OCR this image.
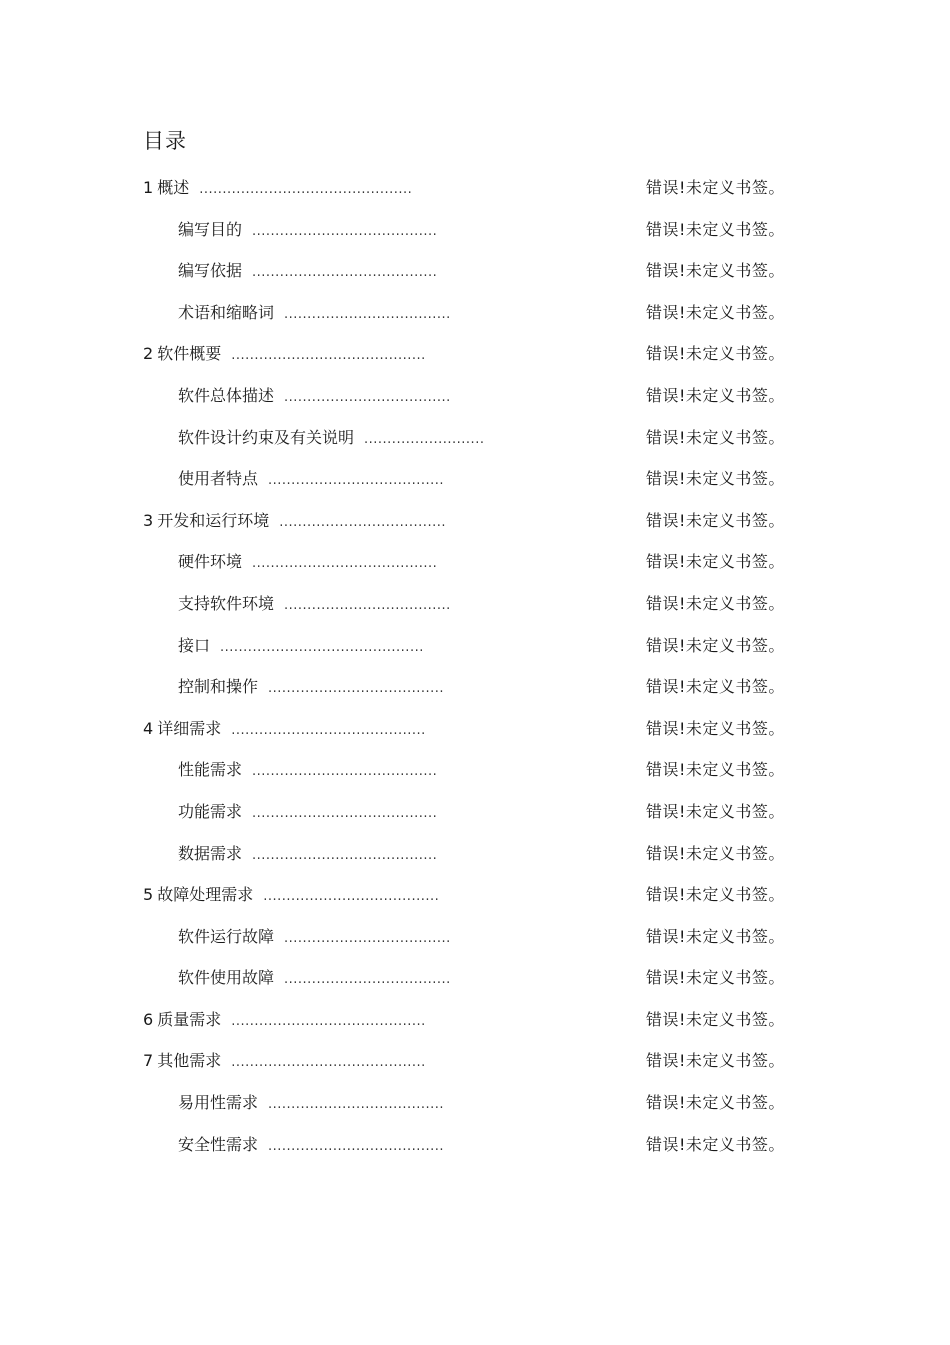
目录
1 概述 ..............................................	错误!未定义书签。
编写目的 ........................................	错误!未定义书签。
编写依据 ........................................	错误!未定义书签。
术语和缩略词 ....................................	错误!未定义书签。
2 软件概要 ..........................................	错误!未定义书签。
软件总体描述 ....................................	错误!未定义书签。
软件设计约束及有关说明 ..........................	错误!未定义书签。
使用者特点 ......................................	错误!未定义书签。
3 开发和运行环境 ....................................	错误!未定义书签。
硬件环境 ........................................	错误!未定义书签。
支持软件环境 ....................................	错误!未定义书签。
接口 ............................................	错误!未定义书签。
控制和操作 ......................................	错误!未定义书签。
4 详细需求 ..........................................	错误!未定义书签。
性能需求 ........................................	错误!未定义书签。
功能需求 ........................................	错误!未定义书签。
数据需求 ........................................	错误!未定义书签。
5 故障处理需求 ......................................	错误!未定义书签。
软件运行故障 ....................................	错误!未定义书签。
软件使用故障 ....................................	错误!未定义书签。
6 质量需求 ..........................................	错误!未定义书签。
7 其他需求 ..........................................	错误!未定义书签。
易用性需求 ......................................	错误!未定义书签。
安全性需求 ......................................	错误!未定义书签。
